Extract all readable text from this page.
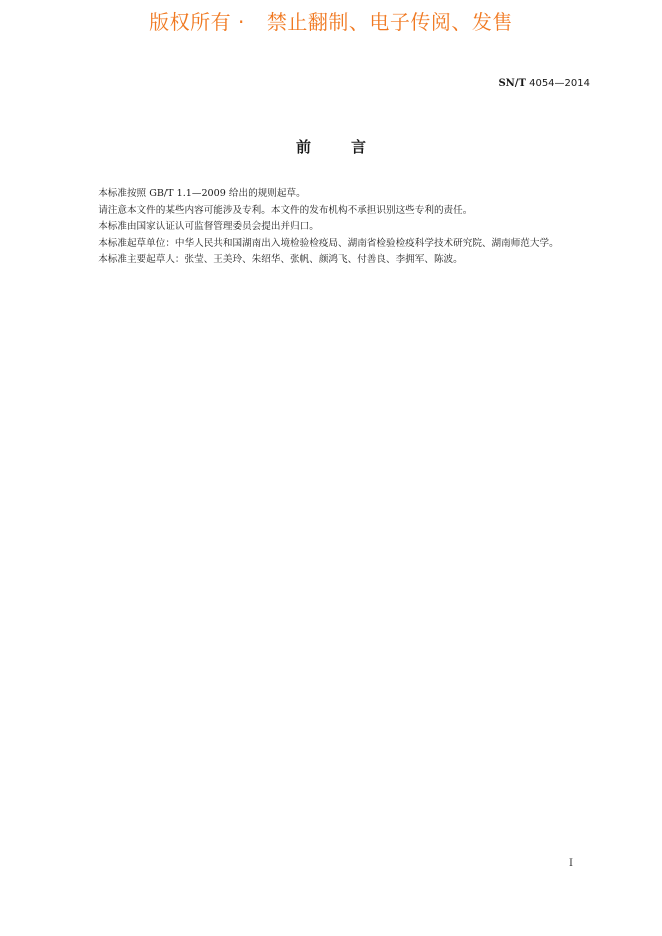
版权所有 · 禁止翻制、电子传阅、发售
SN/T 4054—2014
前	言

本标准按照 GB/T 1.1—2009 给出的规则起草。

请注意本文件的某些内容可能涉及专利。本文件的发布机构不承担识别这些专利的责任。

本标准由国家认证认可监督管理委员会提出并归口。

本标准起草单位：中华人民共和国湖南出入境检验检疫局、湖南省检验检疫科学技术研究院、湖南师范大学。

本标准主要起草人：张莹、王美玲、朱绍华、张帆、颜鸿飞、付善良、李拥军、陈波。

I
